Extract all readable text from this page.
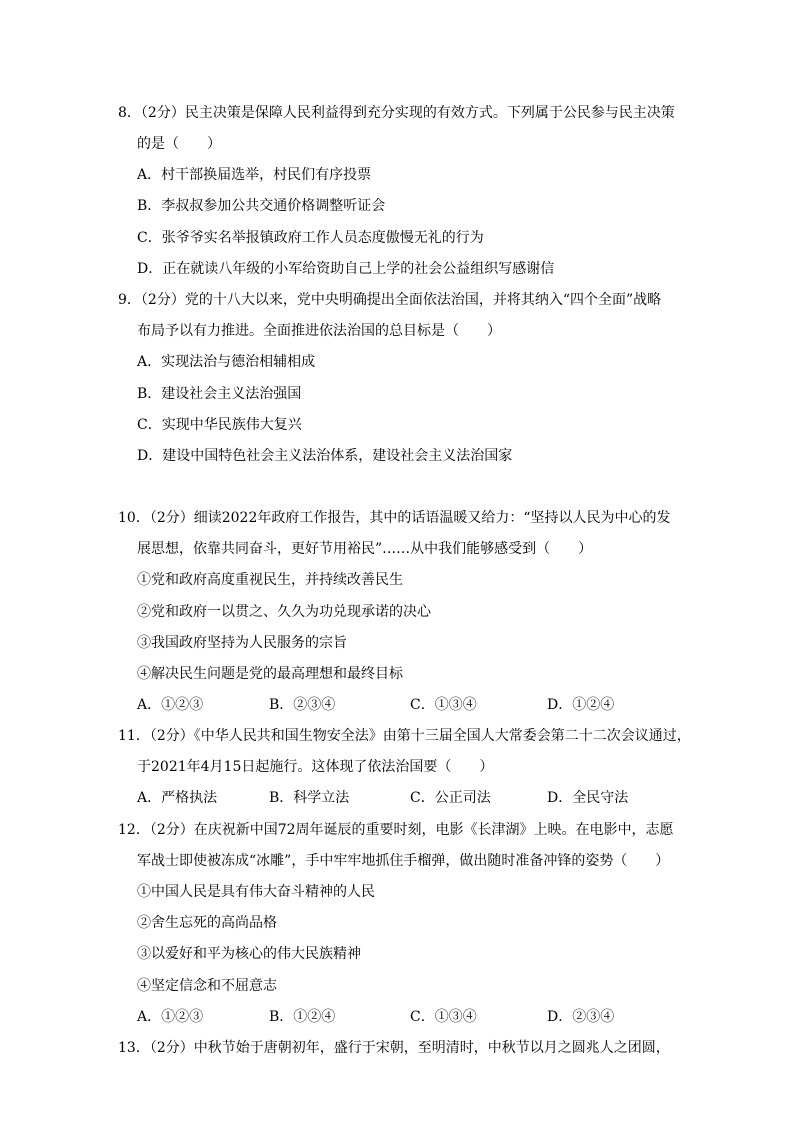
8．（2分）民主决策是保障人民利益得到充分实现的有效方式。下列属于公民参与民主决策
的是（　　）
A．村干部换届选举，村民们有序投票
B．李叔叔参加公共交通价格调整听证会
C．张爷爷实名举报镇政府工作人员态度傲慢无礼的行为
D．正在就读八年级的小军给资助自己上学的社会公益组织写感谢信
9．（2分）党的十八大以来，党中央明确提出全面依法治国，并将其纳入“四个全面”战略
布局予以有力推进。全面推进依法治国的总目标是（　　）
A．实现法治与德治相辅相成
B．建设社会主义法治强国
C．实现中华民族伟大复兴
D．建设中国特色社会主义法治体系，建设社会主义法治国家
10．（2分）细读2022年政府工作报告，其中的话语温暖又给力：“坚持以人民为中心的发
展思想，依靠共同奋斗，更好节用裕民”……从中我们能够感受到（　　）
①党和政府高度重视民生，并持续改善民生
②党和政府一以贯之、久久为功兑现承诺的决心
③我国政府坚持为人民服务的宗旨
④解决民生问题是党的最高理想和最终目标
A．①②③	B．②③④	C．①③④	D．①②④
11．（2分）《中华人民共和国生物安全法》由第十三届全国人大常委会第二十二次会议通过，
于2021年4月15日起施行。这体现了依法治国要（　　）
A．严格执法	B．科学立法	C．公正司法	D．全民守法
12．（2分）在庆祝新中国72周年诞辰的重要时刻，电影《长津湖》上映。在电影中，志愿
军战士即使被冻成“冰雕”，手中牢牢地抓住手榴弹，做出随时准备冲锋的姿势（　　）
①中国人民是具有伟大奋斗精神的人民
②舍生忘死的高尚品格
③以爱好和平为核心的伟大民族精神
④坚定信念和不屈意志
A．①②③	B．①②④	C．①③④	D．②③④
13．（2分）中秋节始于唐朝初年，盛行于宋朝，至明清时，中秋节以月之圆兆人之团圆，
